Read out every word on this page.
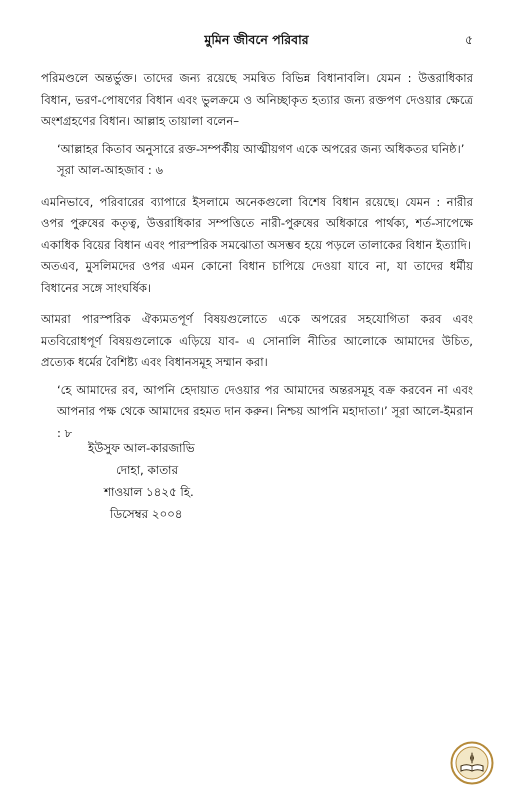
মুমিন জীবনে পরিবার	৫

পরিমণ্ডলে অন্তর্ভুক্ত। তাদের জন্য রয়েছে সমন্বিত বিভিন্ন বিধানাবলি। যেমন : উত্তরাধিকার বিধান, ভরণ-পোষণের বিধান এবং ভুলক্রমে ও অনিচ্ছাকৃত হত্যার জন্য রক্তপণ দেওয়ার ক্ষেত্রে অংশগ্রহণের বিধান। আল্লাহ তায়ালা বলেন–

‘আল্লাহর কিতাব অনুসারে রক্ত-সম্পর্কীয় আত্মীয়গণ একে অপরের জন্য অধিকতর ঘনিষ্ঠ।’

সূরা আল-আহজাব : ৬

এমনিভাবে, পরিবারের ব্যাপারে ইসলামে অনেকগুলো বিশেষ বিধান রয়েছে। যেমন : নারীর ওপর পুরুষের কতৃত্ব, উত্তরাধিকার সম্পত্তিতে নারী-পুরুষের অধিকারে পার্থক্য, শর্ত-সাপেক্ষে একাধিক বিয়ের বিধান এবং পারস্পরিক সমঝোতা অসম্ভব হয়ে পড়লে তালাকের বিধান ইত্যাদি।

অতএব, মুসলিমদের ওপর এমন কোনো বিধান চাপিয়ে দেওয়া যাবে না, যা তাদের ধর্মীয় বিধানের সঙ্গে সাংঘর্ষিক।

আমরা পারস্পরিক ঐক্যমতপূর্ণ বিষয়গুলোতে একে অপরের সহযোগিতা করব এবং মতবিরোধপূর্ণ বিষয়গুলোকে এড়িয়ে যাব- এ সোনালি নীতির আলোকে আমাদের উচিত, প্রত্যেক ধর্মের বৈশিষ্ট্য এবং বিধানসমূহ সম্মান করা।

‘হে আমাদের রব, আপনি হেদায়াত দেওয়ার পর আমাদের অন্তরসমূহ বক্র করবেন না এবং আপনার পক্ষ থেকে আমাদের রহমত দান করুন। নিশ্চয় আপনি মহাদাতা।’ সূরা আলে-ইমরান : ৮

ইউসুফ আল-কারজাভি
দোহা, কাতার
শাওয়াল ১৪২৫ হি.
ডিসেম্বর ২০০৪
